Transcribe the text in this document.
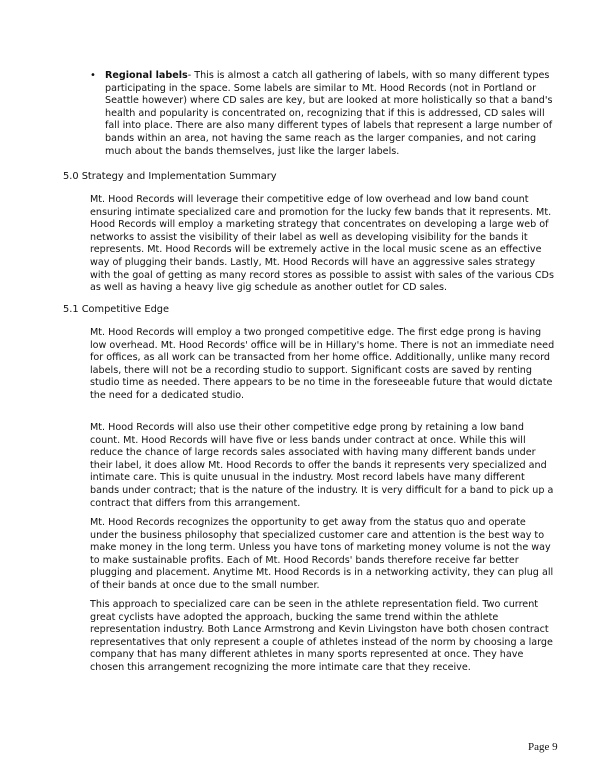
• Regional labels- This is almost a catch all gathering of labels, with so many different types participating in the space. Some labels are similar to Mt. Hood Records (not in Portland or Seattle however) where CD sales are key, but are looked at more holistically so that a band's health and popularity is concentrated on, recognizing that if this is addressed, CD sales will fall into place. There are also many different types of labels that represent a large number of bands within an area, not having the same reach as the larger companies, and not caring much about the bands themselves, just like the larger labels.

5.0 Strategy and Implementation Summary

Mt. Hood Records will leverage their competitive edge of low overhead and low band count ensuring intimate specialized care and promotion for the lucky few bands that it represents. Mt. Hood Records will employ a marketing strategy that concentrates on developing a large web of networks to assist the visibility of their label as well as developing visibility for the bands it represents. Mt. Hood Records will be extremely active in the local music scene as an effective way of plugging their bands. Lastly, Mt. Hood Records will have an aggressive sales strategy with the goal of getting as many record stores as possible to assist with sales of the various CDs as well as having a heavy live gig schedule as another outlet for CD sales.

5.1 Competitive Edge

Mt. Hood Records will employ a two pronged competitive edge. The first edge prong is having low overhead. Mt. Hood Records' office will be in Hillary's home. There is not an immediate need for offices, as all work can be transacted from her home office. Additionally, unlike many record labels, there will not be a recording studio to support. Significant costs are saved by renting studio time as needed. There appears to be no time in the foreseeable future that would dictate the need for a dedicated studio.

Mt. Hood Records will also use their other competitive edge prong by retaining a low band count. Mt. Hood Records will have five or less bands under contract at once. While this will reduce the chance of large records sales associated with having many different bands under their label, it does allow Mt. Hood Records to offer the bands it represents very specialized and intimate care. This is quite unusual in the industry. Most record labels have many different bands under contract; that is the nature of the industry. It is very difficult for a band to pick up a contract that differs from this arrangement.

Mt. Hood Records recognizes the opportunity to get away from the status quo and operate under the business philosophy that specialized customer care and attention is the best way to make money in the long term. Unless you have tons of marketing money volume is not the way to make sustainable profits. Each of Mt. Hood Records' bands therefore receive far better plugging and placement. Anytime Mt. Hood Records is in a networking activity, they can plug all of their bands at once due to the small number.

This approach to specialized care can be seen in the athlete representation field. Two current great cyclists have adopted the approach, bucking the same trend within the athlete representation industry. Both Lance Armstrong and Kevin Livingston have both chosen contract representatives that only represent a couple of athletes instead of the norm by choosing a large company that has many different athletes in many sports represented at once. They have chosen this arrangement recognizing the more intimate care that they receive.

Page 9
